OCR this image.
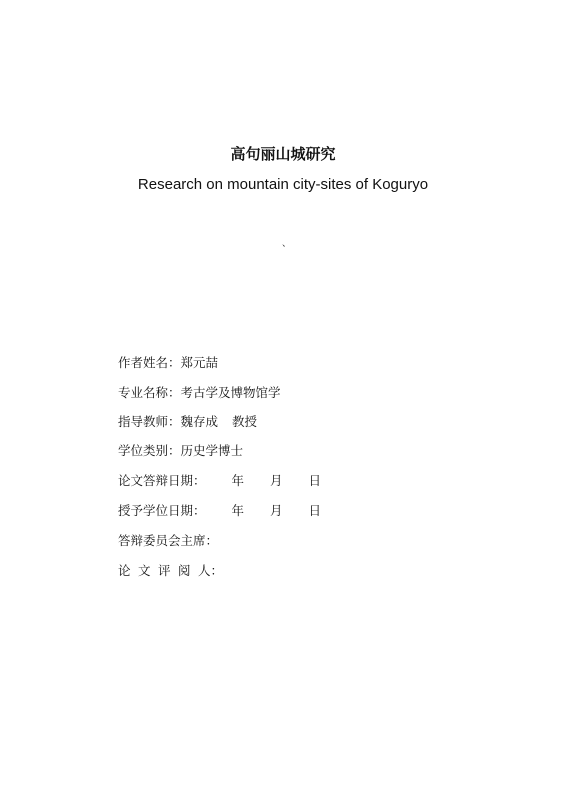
高句丽山城研究
Research on mountain city-sites of Koguryo
、
作者姓名：郑元喆
专业名称：考古学及博物馆学
指导教师：魏存成 教授
学位类别：历史学博士
论文答辩日期： 年 月 日
授予学位日期： 年 月 日
答辩委员会主席：
论 文 评 阅 人：
